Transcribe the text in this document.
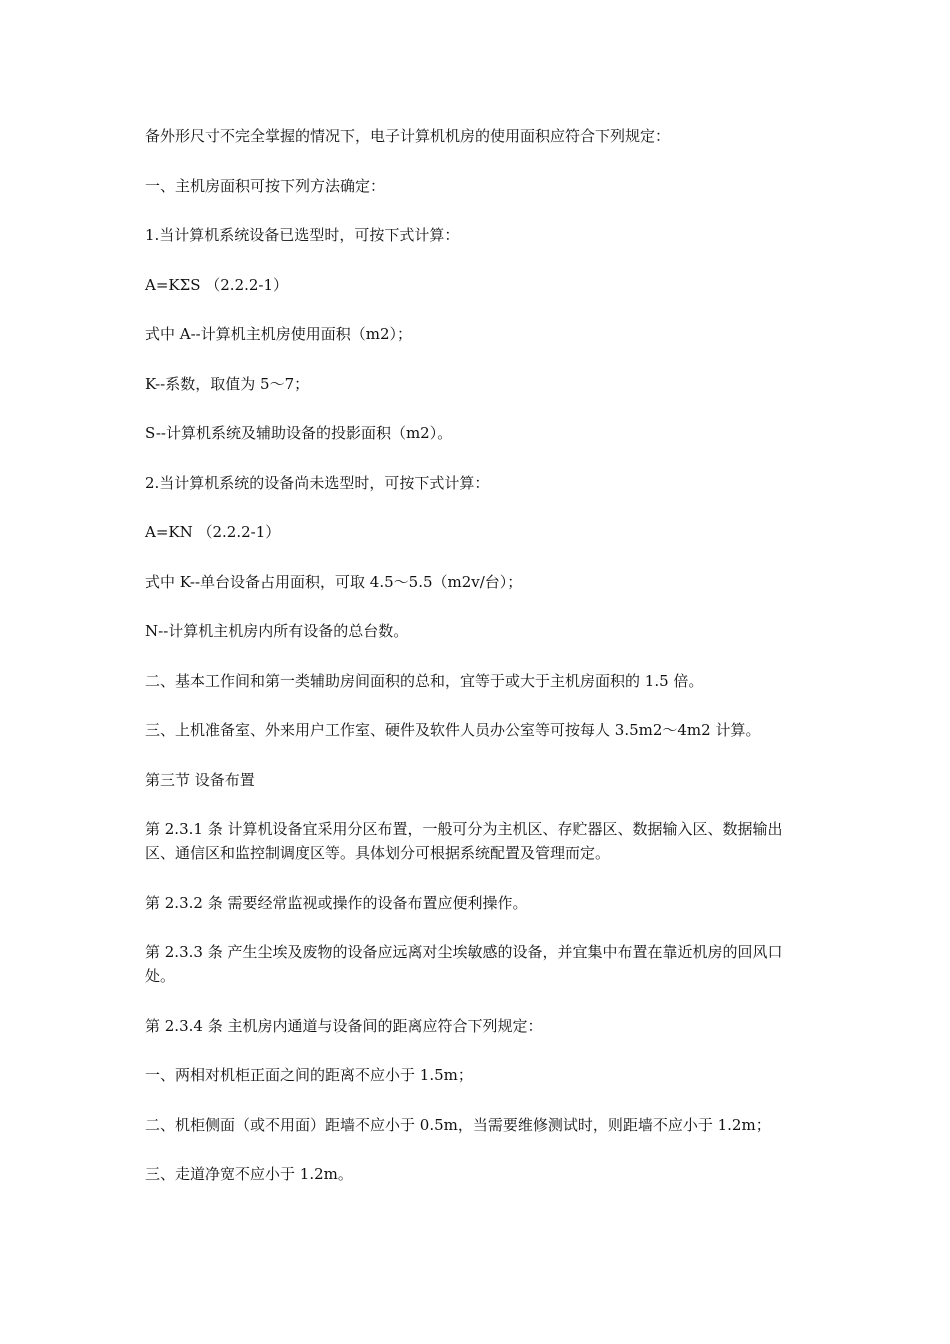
备外形尺寸不完全掌握的情况下，电子计算机机房的使用面积应符合下列规定：

一、主机房面积可按下列方法确定：

1.当计算机系统设备已选型时，可按下式计算：

A=KΣS （2.2.2-1）

式中 A--计算机主机房使用面积（m2）；

K--系数，取值为 5～7；

S--计算机系统及辅助设备的投影面积（m2）。

2.当计算机系统的设备尚未选型时，可按下式计算：

A=KN （2.2.2-1）

式中 K--单台设备占用面积，可取 4.5～5.5（m2v/台）；

N--计算机主机房内所有设备的总台数。

二、基本工作间和第一类辅助房间面积的总和，宜等于或大于主机房面积的 1.5 倍。

三、上机准备室、外来用户工作室、硬件及软件人员办公室等可按每人 3.5m2～4m2 计算。

第三节 设备布置

第 2.3.1 条 计算机设备宜采用分区布置，一般可分为主机区、存贮器区、数据输入区、数据输出区、通信区和监控制调度区等。具体划分可根据系统配置及管理而定。

第 2.3.2 条 需要经常监视或操作的设备布置应便利操作。

第 2.3.3 条 产生尘埃及废物的设备应远离对尘埃敏感的设备，并宜集中布置在靠近机房的回风口处。

第 2.3.4 条 主机房内通道与设备间的距离应符合下列规定：

一、两相对机柜正面之间的距离不应小于 1.5m；

二、机柜侧面（或不用面）距墙不应小于 0.5m，当需要维修测试时，则距墙不应小于 1.2m；

三、走道净宽不应小于 1.2m。
